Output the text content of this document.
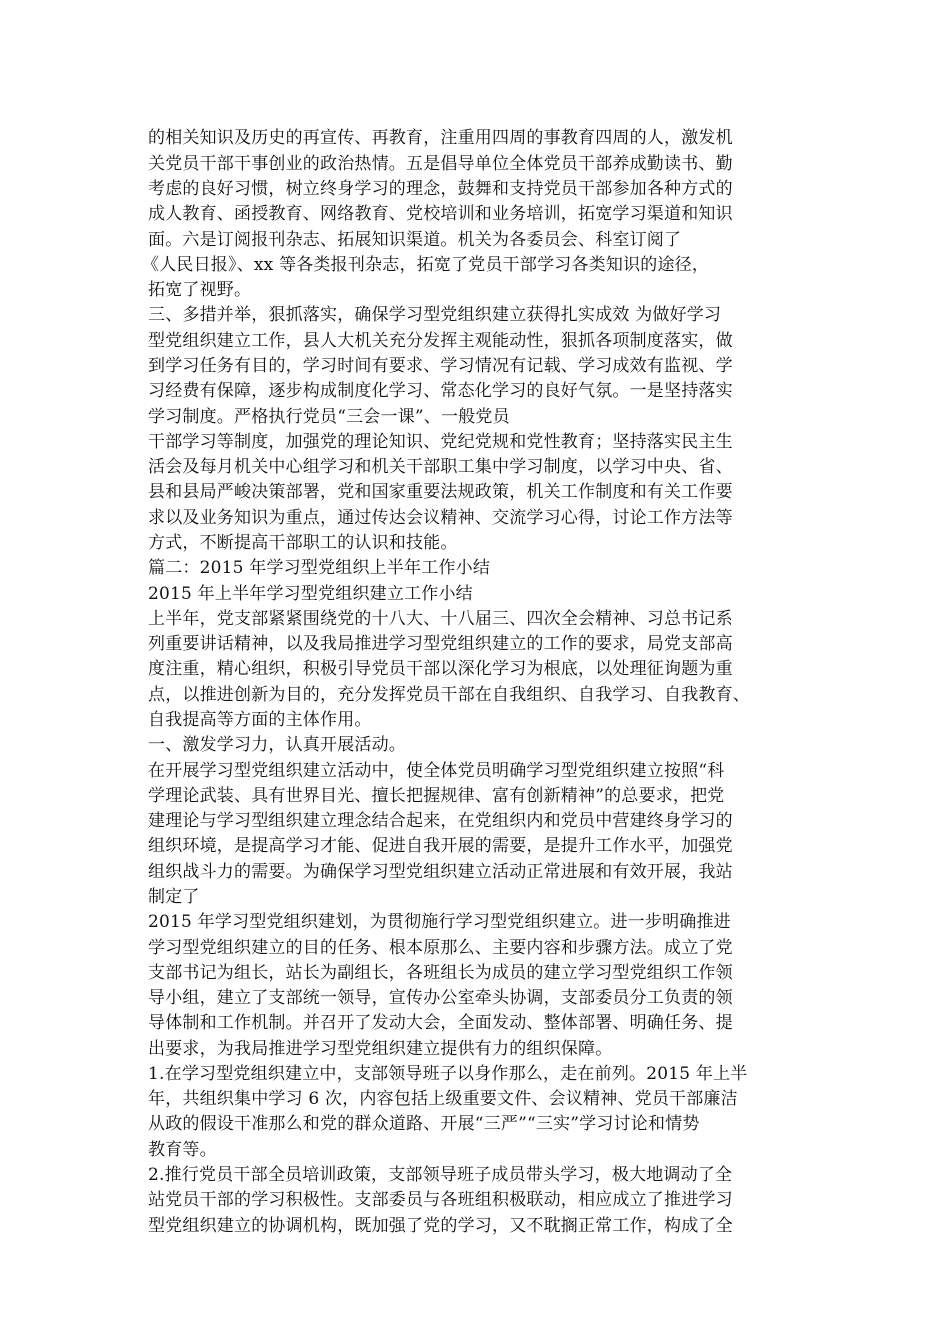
的相关知识及历史的再宣传、再教育，注重用四周的事教育四周的人，激发机
关党员干部干事创业的政治热情。五是倡导单位全体党员干部养成勤读书、勤
考虑的良好习惯，树立终身学习的理念，鼓舞和支持党员干部参加各种方式的
成人教育、函授教育、网络教育、党校培训和业务培训，拓宽学习渠道和知识
面。六是订阅报刊杂志、拓展知识渠道。机关为各委员会、科室订阅了
《人民日报》、xx 等各类报刊杂志，拓宽了党员干部学习各类知识的途径，
拓宽了视野。
三、多措并举，狠抓落实，确保学习型党组织建立获得扎实成效 为做好学习
型党组织建立工作，县人大机关充分发挥主观能动性，狠抓各项制度落实，做
到学习任务有目的，学习时间有要求、学习情况有记载、学习成效有监视、学
习经费有保障，逐步构成制度化学习、常态化学习的良好气氛。一是坚持落实
学习制度。严格执行党员“三会一课”、一般党员
干部学习等制度，加强党的理论知识、党纪党规和党性教育；坚持落实民主生
活会及每月机关中心组学习和机关干部职工集中学习制度，以学习中央、省、
县和县局严峻决策部署，党和国家重要法规政策，机关工作制度和有关工作要
求以及业务知识为重点，通过传达会议精神、交流学习心得，讨论工作方法等
方式，不断提高干部职工的认识和技能。
篇二：2015 年学习型党组织上半年工作小结
2015 年上半年学习型党组织建立工作小结
上半年，党支部紧紧围绕党的十八大、十八届三、四次全会精神、习总书记系
列重要讲话精神，以及我局推进学习型党组织建立的工作的要求，局党支部高
度注重，精心组织，积极引导党员干部以深化学习为根底，以处理征询题为重
点，以推进创新为目的，充分发挥党员干部在自我组织、自我学习、自我教育、
自我提高等方面的主体作用。
一、激发学习力，认真开展活动。
在开展学习型党组织建立活动中，使全体党员明确学习型党组织建立按照“科
学理论武装、具有世界目光、擅长把握规律、富有创新精神”的总要求，把党
建理论与学习型组织建立理念结合起来，在党组织内和党员中营建终身学习的
组织环境，是提高学习才能、促进自我开展的需要，是提升工作水平，加强党
组织战斗力的需要。为确保学习型党组织建立活动正常进展和有效开展，我站
制定了
2015 年学习型党组织建划，为贯彻施行学习型党组织建立。进一步明确推进
学习型党组织建立的目的任务、根本原那么、主要内容和步骤方法。成立了党
支部书记为组长，站长为副组长，各班组长为成员的建立学习型党组织工作领
导小组，建立了支部统一领导，宣传办公室牵头协调，支部委员分工负责的领
导体制和工作机制。并召开了发动大会，全面发动、整体部署、明确任务、提
出要求，为我局推进学习型党组织建立提供有力的组织保障。
1.在学习型党组织建立中，支部领导班子以身作那么，走在前列。2015 年上半
年，共组织集中学习 6 次，内容包括上级重要文件、会议精神、党员干部廉洁
从政的假设干准那么和党的群众道路、开展“三严”“三实”学习讨论和情势
教育等。
2.推行党员干部全员培训政策，支部领导班子成员带头学习，极大地调动了全
站党员干部的学习积极性。支部委员与各班组积极联动，相应成立了推进学习
型党组织建立的协调机构，既加强了党的学习，又不耽搁正常工作，构成了全
